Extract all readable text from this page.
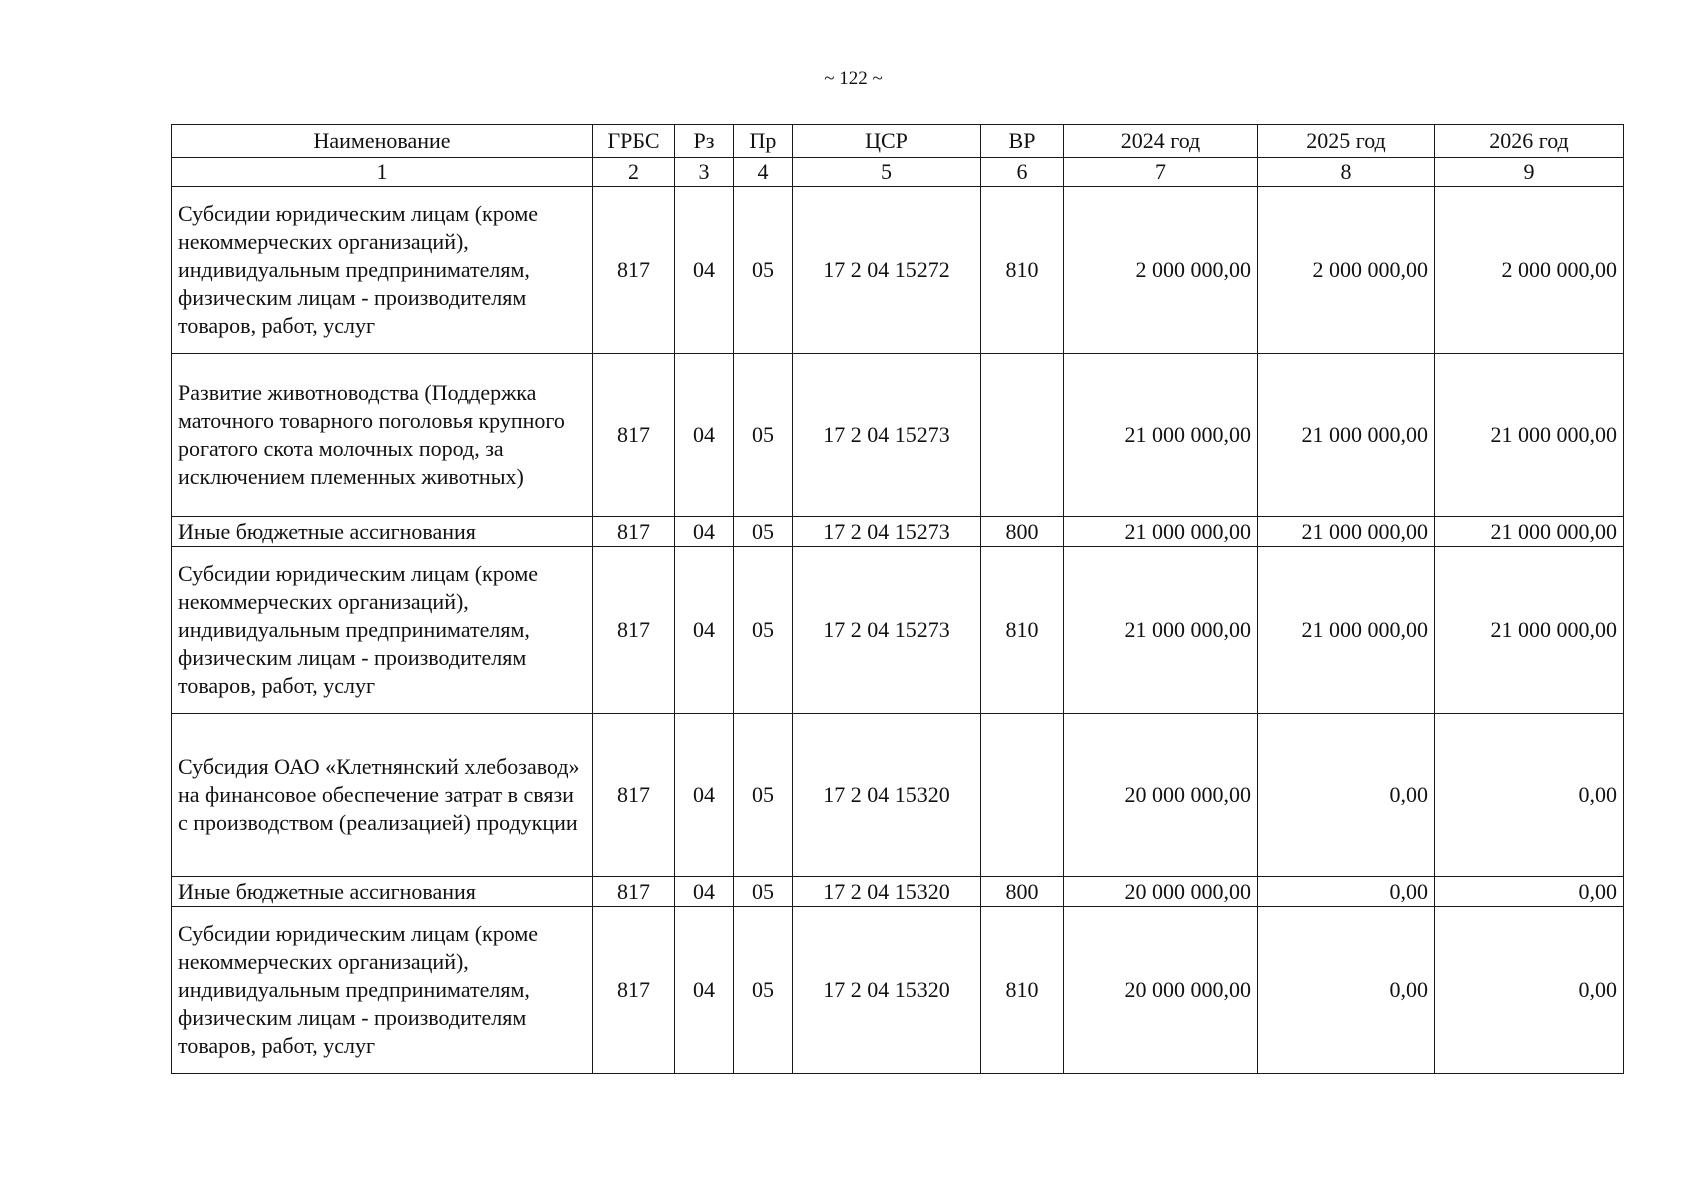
~ 122 ~
Наименование	ГРБС	Рз	Пр	ЦСР	ВР	2024 год	2025 год	2026 год
1	2	3	4	5	6	7	8	9
Субсидии юридическим лицам (кроме некоммерческих организаций), индивидуальным предпринимателям, физическим лицам - производителям товаров, работ, услуг	817	04	05	17 2 04 15272	810	2 000 000,00	2 000 000,00	2 000 000,00
Развитие животноводства (Поддержка маточного товарного поголовья крупного рогатого скота молочных пород, за исключением племенных животных)	817	04	05	17 2 04 15273		21 000 000,00	21 000 000,00	21 000 000,00
Иные бюджетные ассигнования	817	04	05	17 2 04 15273	800	21 000 000,00	21 000 000,00	21 000 000,00
Субсидии юридическим лицам (кроме некоммерческих организаций), индивидуальным предпринимателям, физическим лицам - производителям товаров, работ, услуг	817	04	05	17 2 04 15273	810	21 000 000,00	21 000 000,00	21 000 000,00
Субсидия ОАО «Клетнянский хлебозавод» на финансовое обеспечение затрат в связи с производством (реализацией) продукции	817	04	05	17 2 04 15320		20 000 000,00	0,00	0,00
Иные бюджетные ассигнования	817	04	05	17 2 04 15320	800	20 000 000,00	0,00	0,00
Субсидии юридическим лицам (кроме некоммерческих организаций), индивидуальным предпринимателям, физическим лицам - производителям товаров, работ, услуг	817	04	05	17 2 04 15320	810	20 000 000,00	0,00	0,00
